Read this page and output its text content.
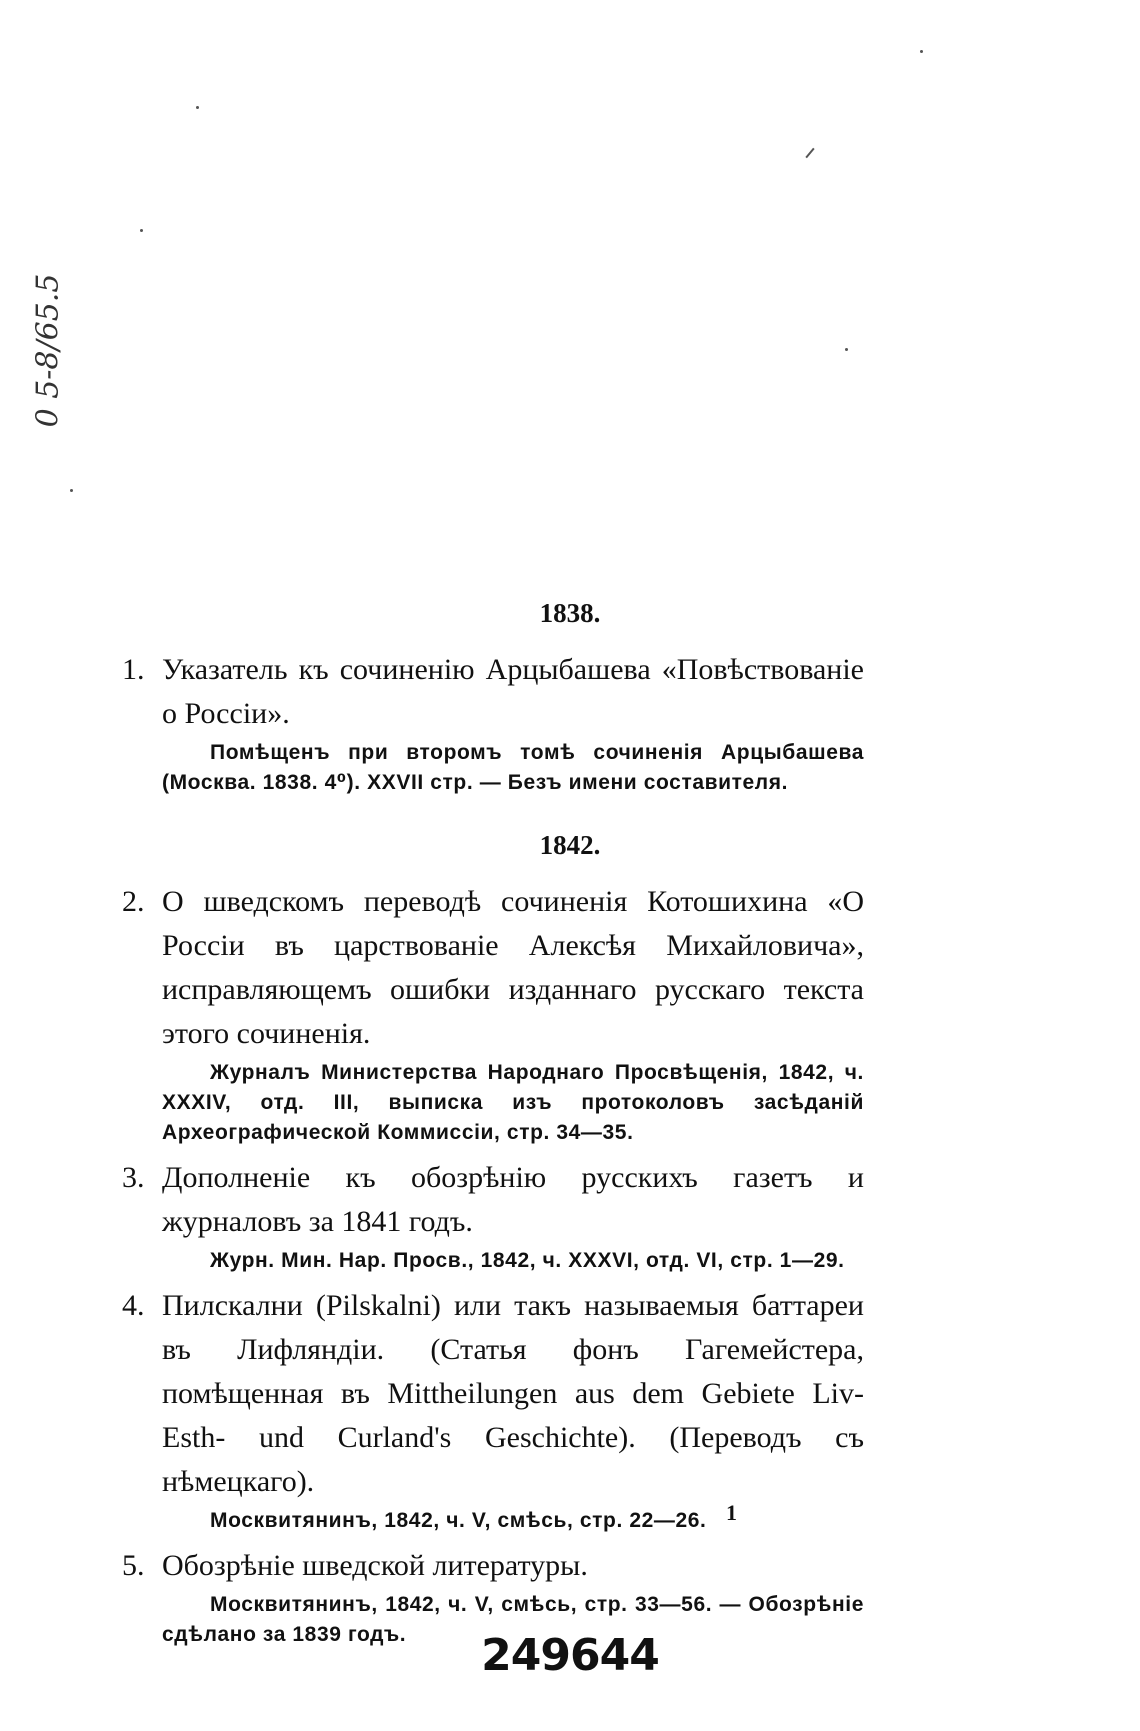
0 5-8/65.5
1838.

1. Указатель къ сочиненію Арцыбашева «Повѣствованіе о Россіи».

Помѣщенъ при второмъ томѣ сочиненія Арцыбашева (Москва. 1838. 4⁰). XXVII стр. — Безъ имени составителя.

1842.

2. О шведскомъ переводѣ сочиненія Котошихина «О Россіи въ царствованіе Алексѣя Михайловича», исправляющемъ ошибки изданнаго русскаго текста этого сочиненія.

Журналъ Министерства Народнаго Просвѣщенія, 1842, ч. XXXIV, отд. III, выписка изъ протоколовъ засѣданій Археографической Коммиссіи, стр. 34—35.

3. Дополненіе къ обозрѣнію русскихъ газетъ и журналовъ за 1841 годъ.

Журн. Мин. Нар. Просв., 1842, ч. XXXVI, отд. VI, стр. 1—29.

4. Пилскални (Pilskalni) или такъ называемыя баттареи въ Лифляндіи. (Статья фонъ Гагемейстера, помѣщенная въ Mittheilungen aus dem Gebiete Liv- Esth- und Curland's Geschichte). (Переводъ съ нѣмецкаго).

Москвитянинъ, 1842, ч. V, смѣсь, стр. 22—26.

5. Обозрѣніе шведской литературы.

Москвитянинъ, 1842, ч. V, смѣсь, стр. 33—56. — Обозрѣніе сдѣлано за 1839 годъ.

1
249644
